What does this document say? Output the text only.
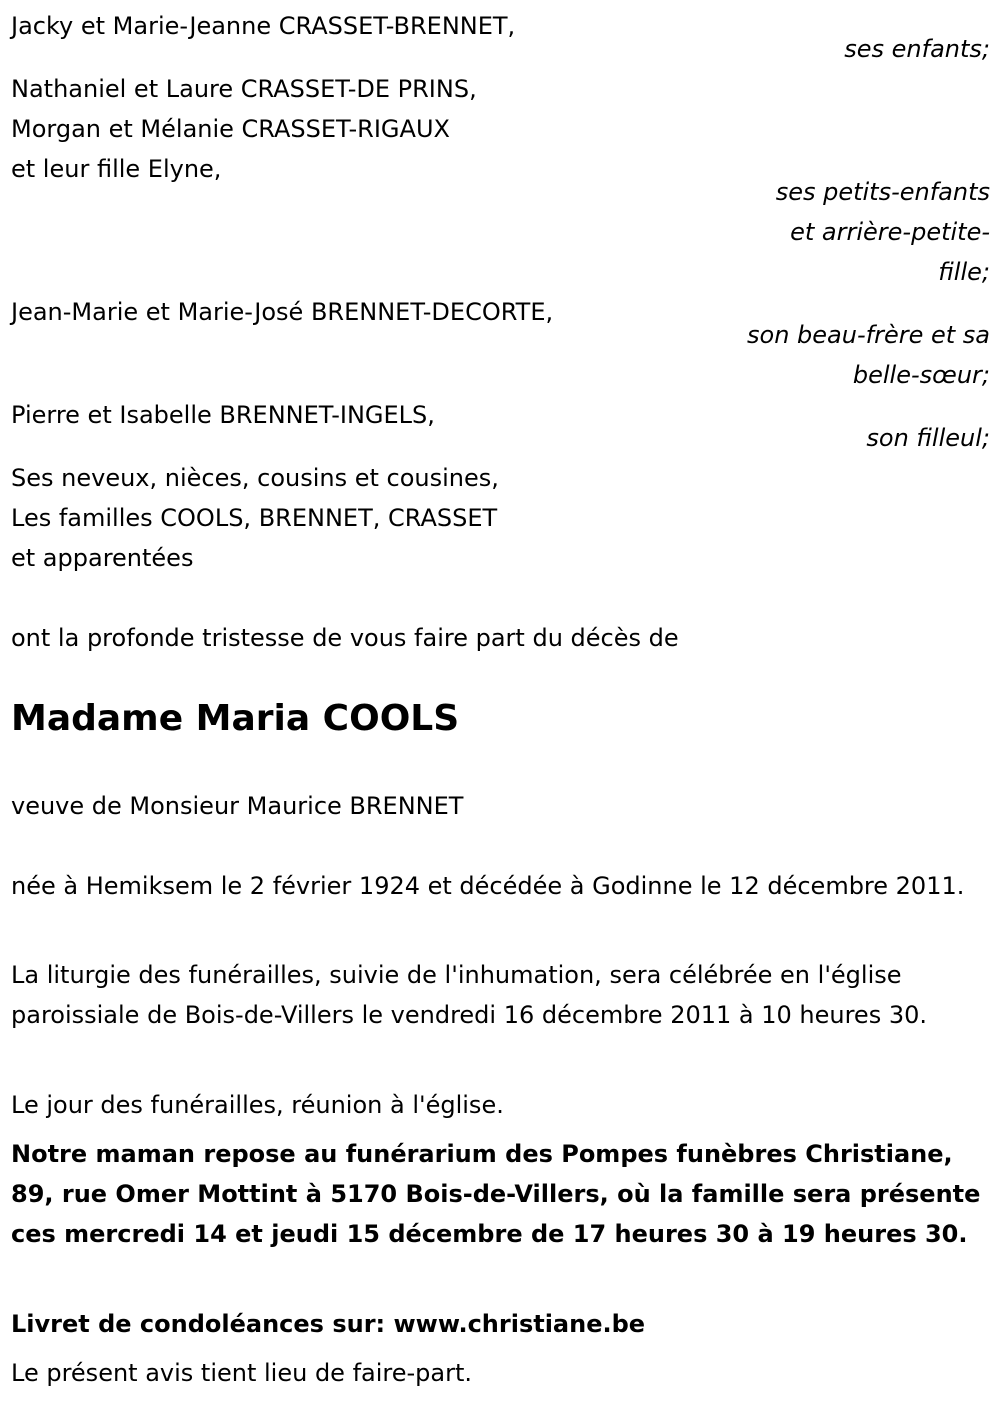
Jacky et Marie-Jeanne CRASSET-BRENNET,
ses enfants;
Nathaniel et Laure CRASSET-DE PRINS,
Morgan et Mélanie CRASSET-RIGAUX
et leur fille Elyne,
ses petits-enfants
et arrière-petite-
fille;
Jean-Marie et Marie-José BRENNET-DECORTE,
son beau-frère et sa
belle-sœur;
Pierre et Isabelle BRENNET-INGELS,
son filleul;
Ses neveux, nièces, cousins et cousines,
Les familles COOLS, BRENNET, CRASSET
et apparentées
ont la profonde tristesse de vous faire part du décès de
Madame Maria COOLS
veuve de Monsieur Maurice BRENNET
née à Hemiksem le 2 février 1924 et décédée à Godinne le 12 décembre 2011.
La liturgie des funérailles, suivie de l'inhumation, sera célébrée en l'église paroissiale de Bois-de-Villers le vendredi 16 décembre 2011 à 10 heures 30.
Le jour des funérailles, réunion à l'église.
Notre maman repose au funérarium des Pompes funèbres Christiane, 89, rue Omer Mottint à 5170 Bois-de-Villers, où la famille sera présente ces mercredi 14 et jeudi 15 décembre de 17 heures 30 à 19 heures 30.
Livret de condoléances sur: www.christiane.be
Le présent avis tient lieu de faire-part.
